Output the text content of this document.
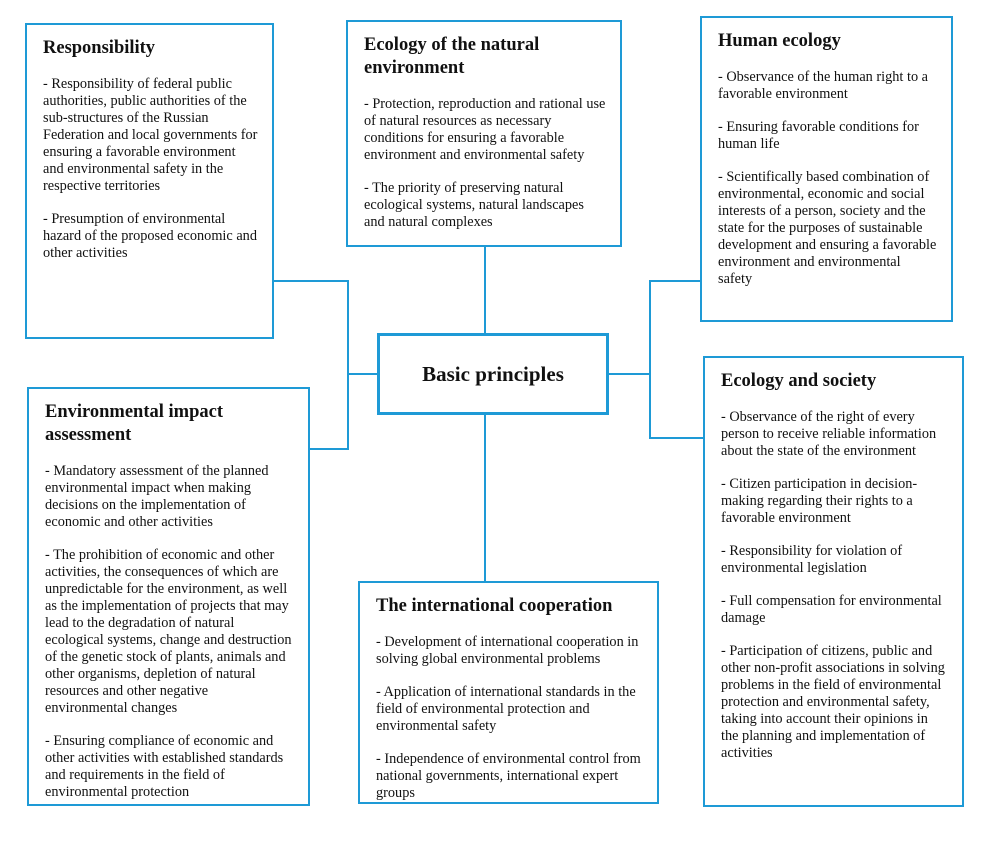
Responsibility

- Responsibility of federal public authorities, public authorities of the sub-structures of the Russian Federation and local governments for ensuring a favorable environment and environmental safety in the respective territories

- Presumption of environmental hazard of the proposed economic and other activities

Ecology of the natural environment

- Protection, reproduction and rational use of natural resources as necessary conditions for ensuring a favorable environment and environmental safety

- The priority of preserving natural ecological systems, natural landscapes and natural complexes

Human ecology

- Observance of the human right to a favorable environment

- Ensuring favorable conditions for human life

- Scientifically based combination of environmental, economic and social interests of a person, society and the state for the purposes of sustainable development and ensuring a favorable environment and environmental safety

Basic principles
Environmental impact assessment

- Mandatory assessment of the planned environmental impact when making decisions on the implementation of economic and other activities

- The prohibition of economic and other activities, the consequences of which are unpredictable for the environment, as well as the implementation of projects that may lead to the degradation of natural ecological systems, change and destruction of the genetic stock of plants, animals and other organisms, depletion of natural resources and other negative environmental changes

- Ensuring compliance of economic and other activities with established standards and requirements in the field of environmental protection

The international cooperation

- Development of international cooperation in solving global environmental problems

- Application of international standards in the field of environmental protection and environmental safety

- Independence of environmental control from national governments, international expert groups

Ecology and society

- Observance of the right of every person to receive reliable information about the state of the environment

- Citizen participation in decision-making regarding their rights to a favorable environment

- Responsibility for violation of environmental legislation

- Full compensation for environmental damage

- Participation of citizens, public and other non-profit associations in solving problems in the field of environmental protection and environmental safety, taking into account their opinions in the planning and implementation of activities
